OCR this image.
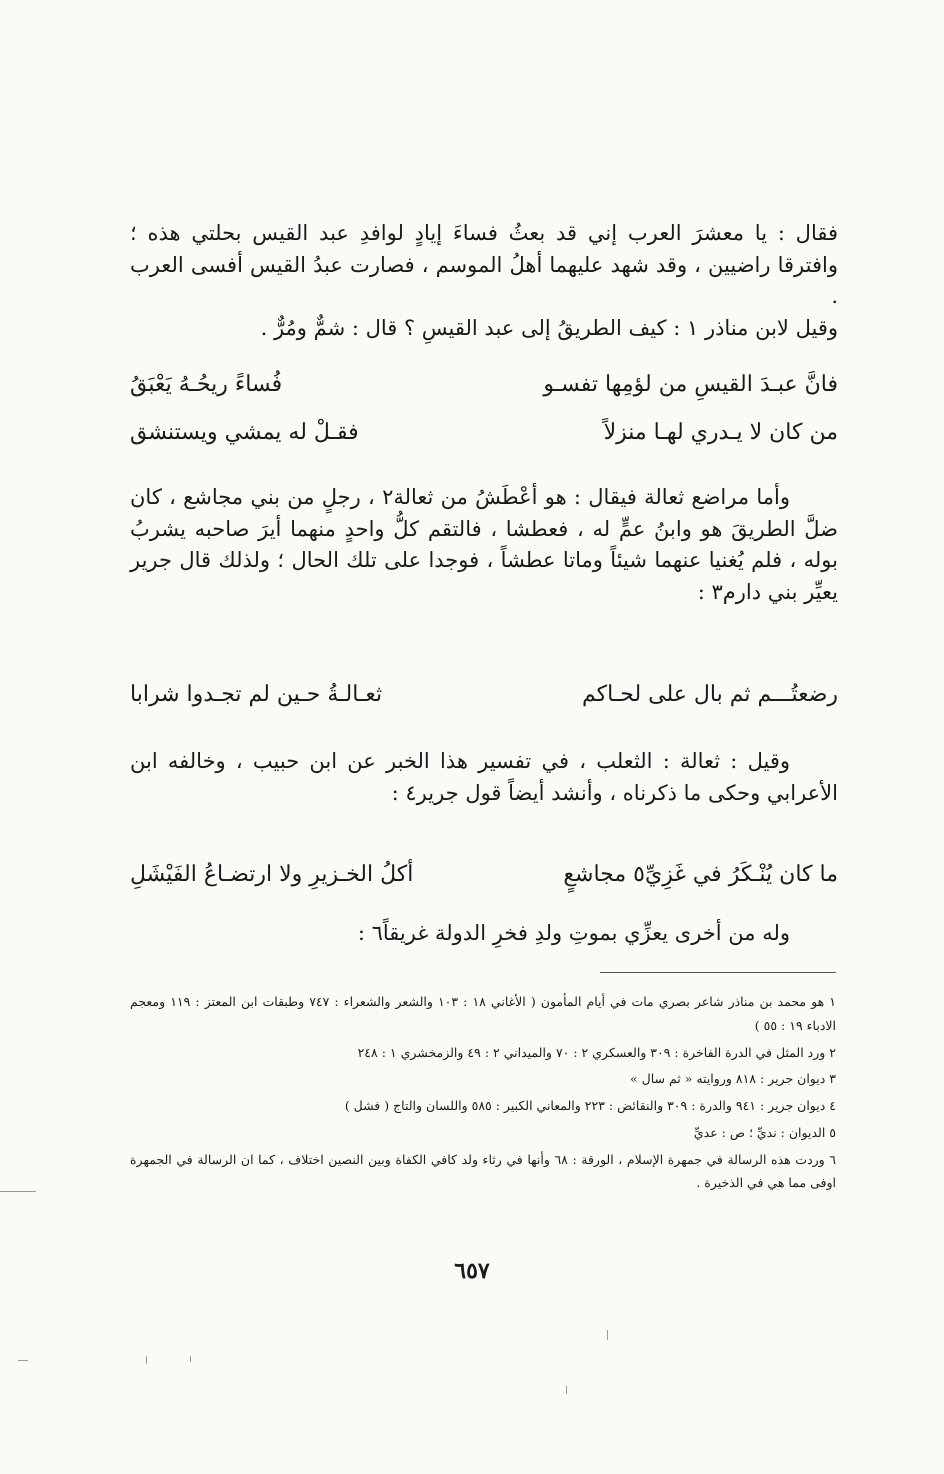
فقال : يا معشرَ العرب إني قد بعثُ فساءَ إيادٍ لوافدِ عبد القيس بحلتي هذه ؛ وافترقا راضيين ، وقد شهد عليهما أهلُ الموسم ، فصارت عبدُ القيس أفسى العرب .

وقيل لابن مناذر ١ : كيف الطريقُ إلى عبد القيسِ ؟ قال : شمٌّ ومُرٌّ .

فانَّ عبـدَ القيسِ من لؤمِها تفسـو
فُساءً ريحُـهُ يَعْبَقُ
من كان لا يـدري لهـا منزلاً
فقـلْ له يمشي ويستنشق

وأما مراضع ثعالة فيقال : هو أعْطَشُ من ثعالة٢ ، رجلٍ من بني مجاشع ، كان ضلَّ الطريقَ هو وابنُ عمٍّ له ، فعطشا ، فالتقم كلُّ واحدٍ منهما أيرَ صاحبه يشربُ بوله ، فلم يُغنيا عنهما شيئاً وماتا عطشاً ، فوجدا على تلك الحال ؛ ولذلك قال جرير يعيِّر بني دارم٣ :

رضعتُـــم ثم بال على لحـاكم
ثعـالـةُ حـين لم تجـدوا شرابا

وقيل : ثعالة : الثعلب ، في تفسير هذا الخبر عن ابن حبيب ، وخالفه ابن الأعرابي وحكى ما ذكرناه ، وأنشد أيضاً قول جرير٤ :

ما كان يُنْـكَرُ في غَزِيِّ٥ مجاشعٍ
أكلُ الخـزيرِ ولا ارتضـاعُ الفَيْشَلِ

وله من أخرى يعزِّي بموتِ ولدِ فخرِ الدولة غريقاً٦ :

١ هو محمد بن مناذر شاعر بصري مات في أيام المأمون ( الأغاني ١٨ : ١٠٣ والشعر والشعراء : ٧٤٧ وطبقات ابن المعتز : ١١٩ ومعجم الادباء ١٩ : ٥٥ )

٢ ورد المثل في الدرة الفاخرة : ٣٠٩ والعسكري ٢ : ٧٠ والميداني ٢ : ٤٩ والزمخشري ١ : ٢٤٨

٣ ديوان جرير : ٨١٨ وروايته « ثم سال »

٤ ديوان جرير : ٩٤١ والدرة : ٣٠٩ والنقائض : ٢٢٣ والمعاني الكبير : ٥٨٥ واللسان والتاج ( فشل )

٥ الديوان : نديِّ ؛ ص : عديِّ

٦ وردت هذه الرسالة في جمهرة الإسلام ، الورقة : ٦٨ وأنها في رثاء ولد كافي الكفاة وبين النصين اختلاف ، كما ان الرسالة في الجمهرة اوفى مما هي في الذخيرة .

٦٥٧
